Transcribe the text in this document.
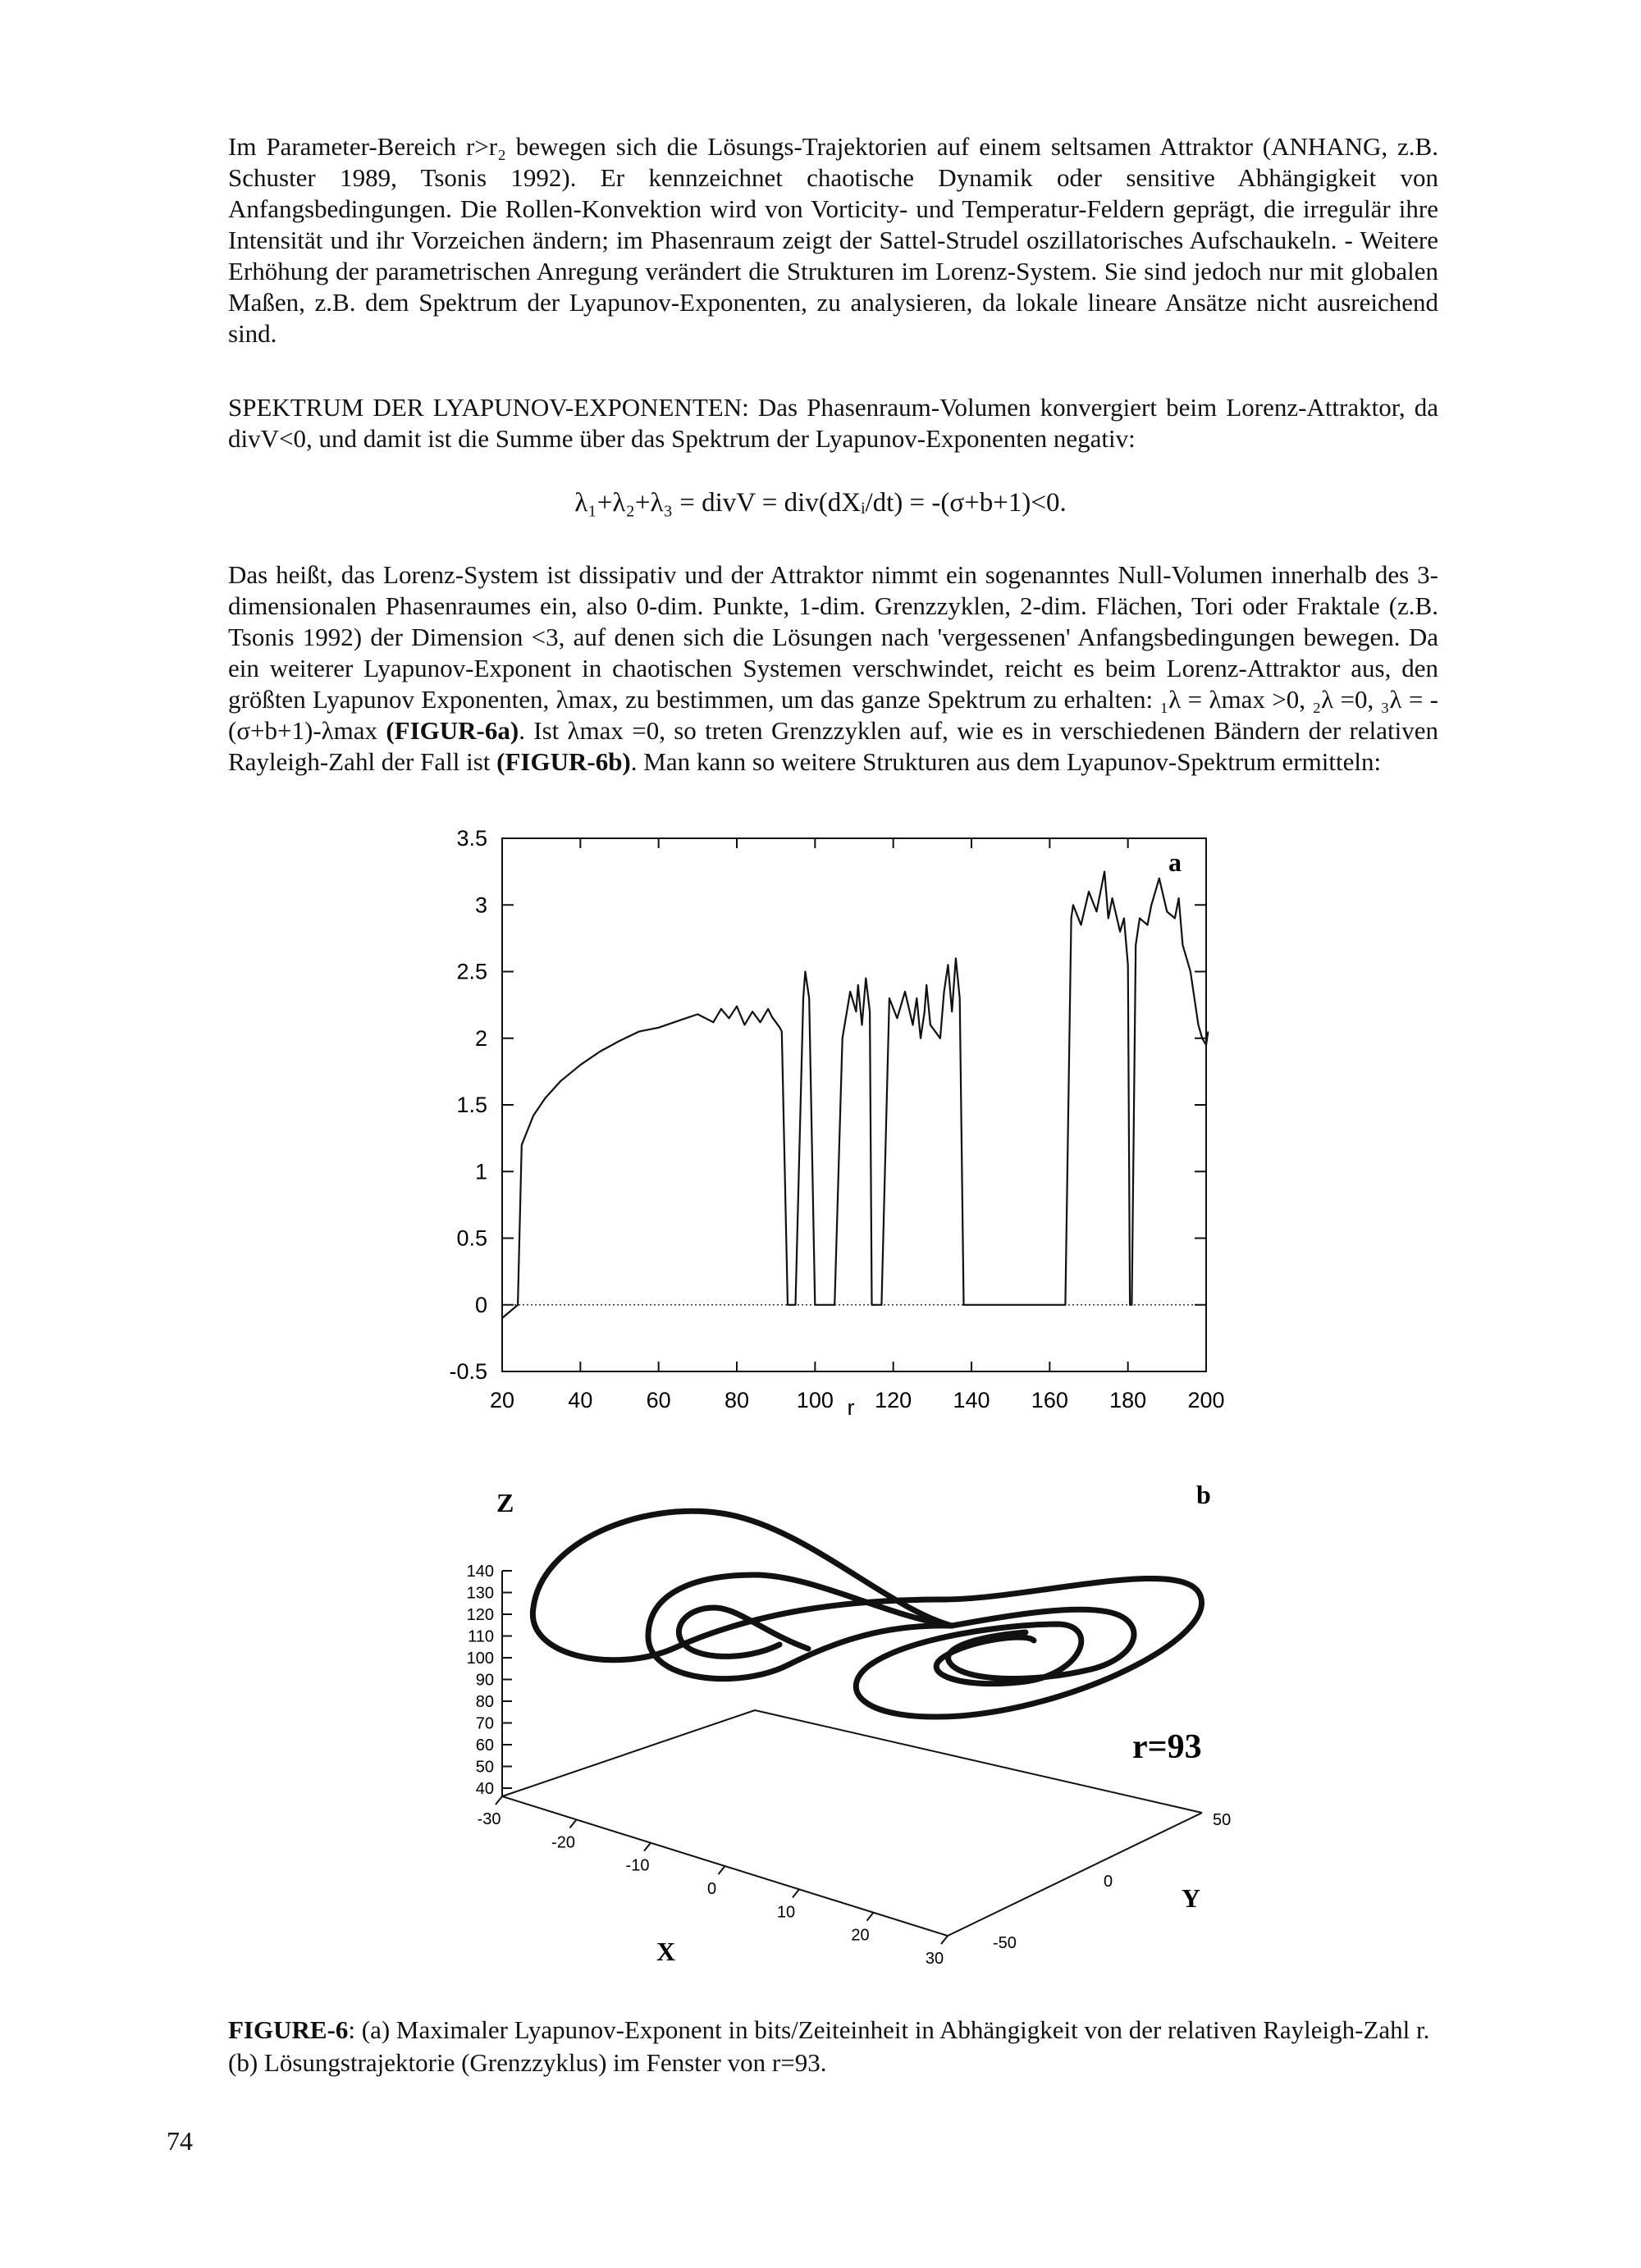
Im Parameter-Bereich r>r₂ bewegen sich die Lösungs-Trajektorien auf einem seltsamen Attraktor (ANHANG, z.B. Schuster 1989, Tsonis 1992). Er kennzeichnet chaotische Dynamik oder sensitive Abhängigkeit von Anfangsbedingungen. Die Rollen-Konvektion wird von Vorticity- und Temperatur-Feldern geprägt, die irregulär ihre Intensität und ihr Vorzeichen ändern; im Phasenraum zeigt der Sattel-Strudel oszillatorisches Aufschaukeln. - Weitere Erhöhung der parametrischen Anregung verändert die Strukturen im Lorenz-System. Sie sind jedoch nur mit globalen Maßen, z.B. dem Spektrum der Lyapunov-Exponenten, zu analysieren, da lokale lineare Ansätze nicht ausreichend sind.
SPEKTRUM DER LYAPUNOV-EXPONENTEN: Das Phasenraum-Volumen konvergiert beim Lorenz-Attraktor, da divV<0, und damit ist die Summe über das Spektrum der Lyapunov-Exponenten negativ:
λ₁+λ₂+λ₃ = divV = div(dXᵢ/dt) = -(σ+b+1)<0.
Das heißt, das Lorenz-System ist dissipativ und der Attraktor nimmt ein sogenanntes Null-Volumen innerhalb des 3-dimensionalen Phasenraumes ein, also 0-dim. Punkte, 1-dim. Grenzzyklen, 2-dim. Flächen, Tori oder Fraktale (z.B. Tsonis 1992) der Dimension <3, auf denen sich die Lösungen nach 'vergessenen' Anfangsbedingungen bewegen. Da ein weiterer Lyapunov-Exponent in chaotischen Systemen verschwindet, reicht es beim Lorenz-Attraktor aus, den größten Lyapunov Exponenten, λmax, zu bestimmen, um das ganze Spektrum zu erhalten: ₁λ = λmax >0, ₂λ =0, ₃λ = -(σ+b+1)-λmax (FIGUR-6a). Ist λmax =0, so treten Grenzzyklen auf, wie es in verschiedenen Bändern der relativen Rayleigh-Zahl der Fall ist (FIGUR-6b). Man kann so weitere Strukturen aus dem Lyapunov-Spektrum ermitteln:
20 40 60 80 100 120 140 160 180 200
-0.5
0
0.5
1
1.5
2
2.5
3
3.5
a
r
140
130
120
110
100
90
80
70
60
50
40
-30
-20
-10
0
10
20
30
50
0
-50
Z	b
r=93
X
Y
FIGURE-6: (a) Maximaler Lyapunov-Exponent in bits/Zeiteinheit in Abhängigkeit von der relativen Rayleigh-Zahl r. (b) Lösungstrajektorie (Grenzzyklus) im Fenster von r=93.
74
